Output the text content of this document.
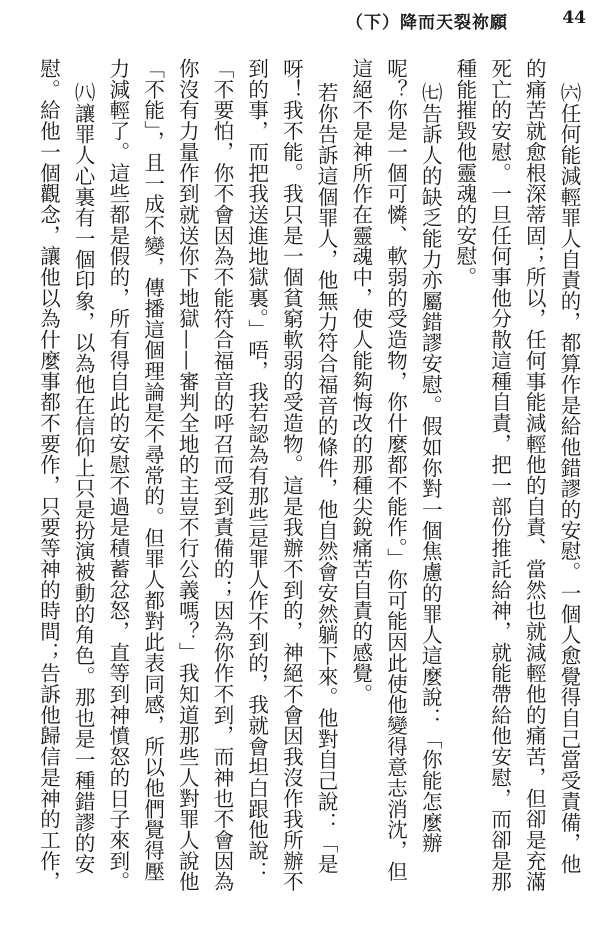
（下）降而天裂祢願	44
㈥任何能減輕罪人自責的，都算作是給他錯謬的安慰。一個人愈覺得自己當受責備，他
的痛苦就愈根深蒂固；所以，任何事能減輕他的自責、當然也就減輕他的痛苦，但卻是充滿
死亡的安慰。一旦任何事他分散這種自責，把一部份推託給神，就能帶給他安慰，而卻是那
種能摧毀他靈魂的安慰。
㈦告訴人的缺乏能力亦屬錯謬安慰。假如你對一個焦慮的罪人這麼說：「你能怎麼辦
呢？你是一個可憐、軟弱的受造物，你什麼都不能作。」你可能因此使他變得意志消沈，但
這絕不是神所作在靈魂中，使人能夠悔改的那種尖銳痛苦自責的感覺。
若你告訴這個罪人，他無力符合福音的條件，他自然會安然躺下來。他對自己說：「是
呀！我不能。我只是一個貧窮軟弱的受造物。這是我辦不到的，神絕不會因我沒作我所辦不
到的事，而把我送進地獄裏。」唔，我若認為有那些是罪人作不到的，我就會坦白跟他說：
「不要怕，你不會因為不能符合福音的呼召而受到責備的；因為你作不到，而神也不會因為
你沒有力量作到就送你下地獄——審判全地的主豈不行公義嗎？」我知道那些人對罪人說他
「不能」，且一成不變，傳播這個理論是不尋常的。但罪人都對此表同感，所以他們覺得壓
力減輕了。這些都是假的，所有得自此的安慰不過是積蓄忿怒，直等到神憤怒的日子來到。
㈧讓罪人心裏有一個印象，以為他在信仰上只是扮演被動的角色。那也是一種錯謬的安
慰。給他一個觀念，讓他以為什麼事都不要作，只要等神的時間；告訴他歸信是神的工作，
